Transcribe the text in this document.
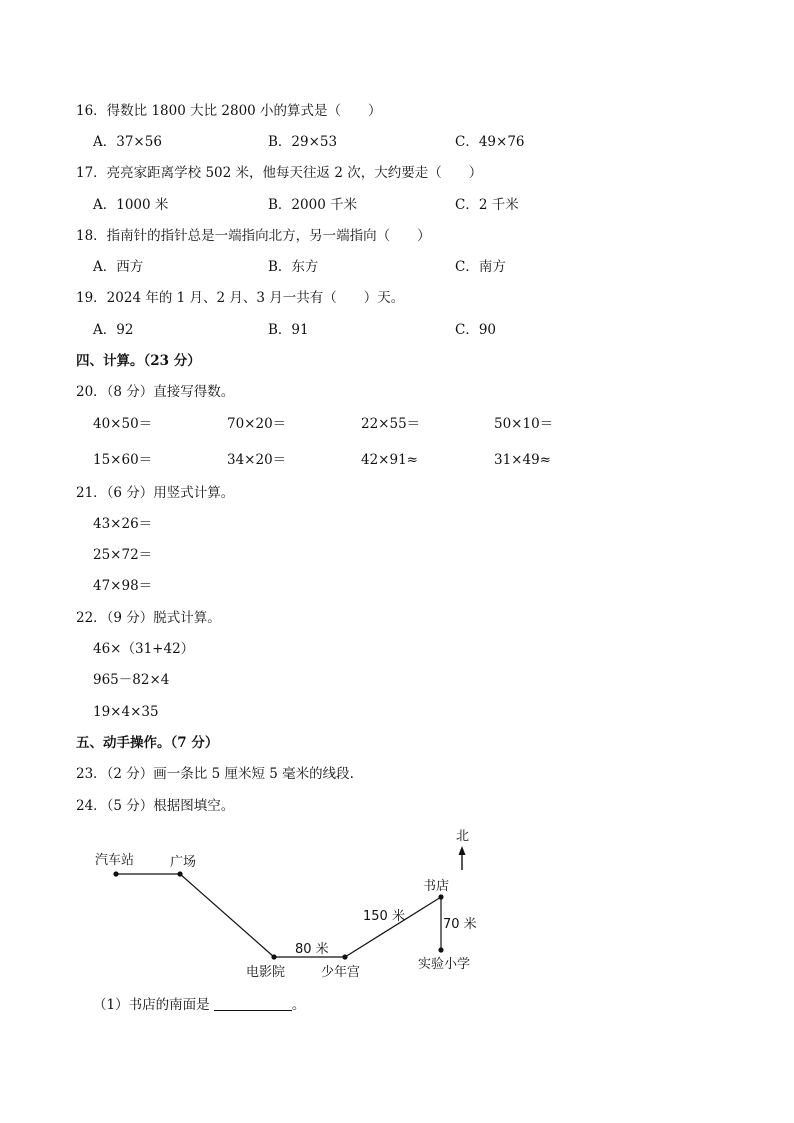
16．得数比 1800 大比 2800 小的算式是（　　）
A．37×56	B．29×53	C．49×76
17．亮亮家距离学校 502 米，他每天往返 2 次，大约要走（　　）
A．1000 米	B．2000 千米	C．2 千米
18．指南针的指针总是一端指向北方，另一端指向（　　）
A．西方	B．东方	C．南方
19．2024 年的 1 月、2 月、3 月一共有（　　）天。
A．92	B．91	C．90
四、计算。（23 分）
20．（8 分）直接写得数。
40×50＝	70×20＝	22×55＝	50×10＝
15×60＝	34×20＝	42×91≈	31×49≈
21．（6 分）用竖式计算。
43×26＝
25×72＝
47×98＝
22．（9 分）脱式计算。
46×（31+42）
965－82×4
19×4×35
五、动手操作。（7 分）
23．（2 分）画一条比 5 厘米短 5 毫米的线段.
24．（5 分）根据图填空。
北
汽车站	广场
电影院	少年宫
书店
实验小学
80 米
150 米
70 米
（1）书店的南面是	。
